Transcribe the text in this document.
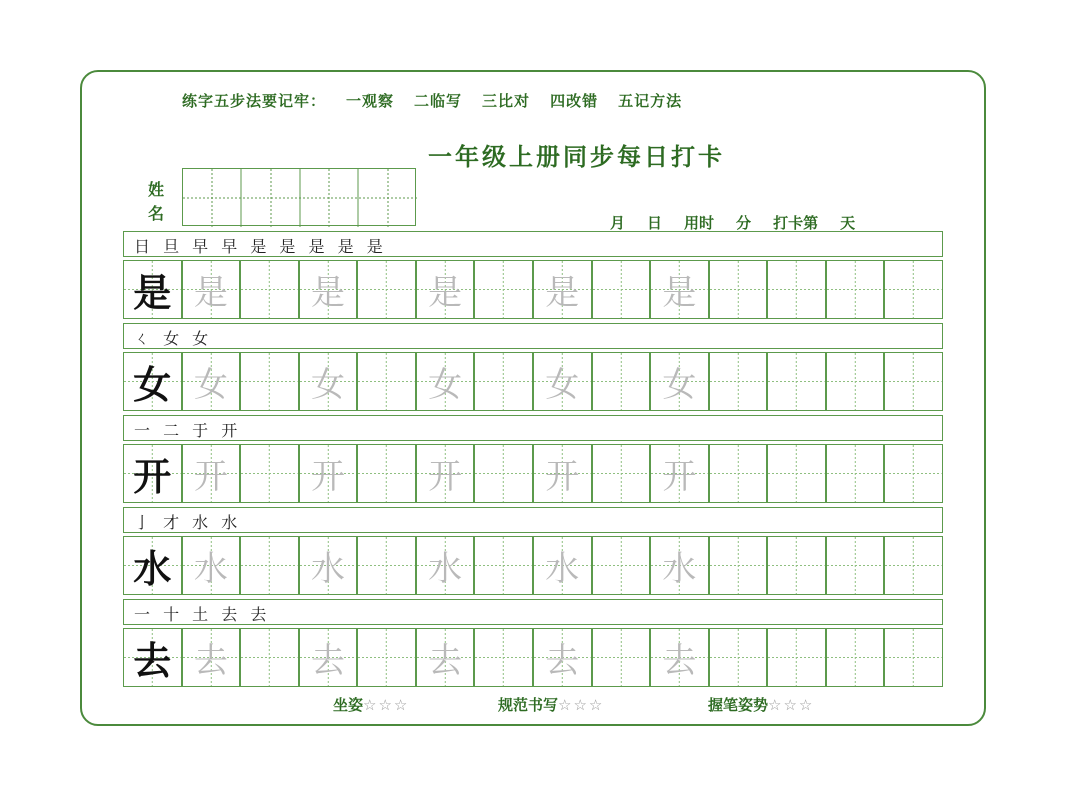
练字五步法要记牢： 一观察 二临写 三比对 四改错 五记方法
一年级上册同步每日打卡
姓名	月 日 用时 分 打卡第 天
日 旦 早 早 是 是 是 是 是
是 是	是	是	是	是
ㄑ 女 女
女 女	女	女	女	女
一 二 于 开
开 开	开	开	开	开
亅 才 水 水
水 水	水	水	水	水
一 十 土 去 去
去 去	去	去	去	去
坐姿☆☆☆	规范书写☆☆☆	握笔姿势☆☆☆
